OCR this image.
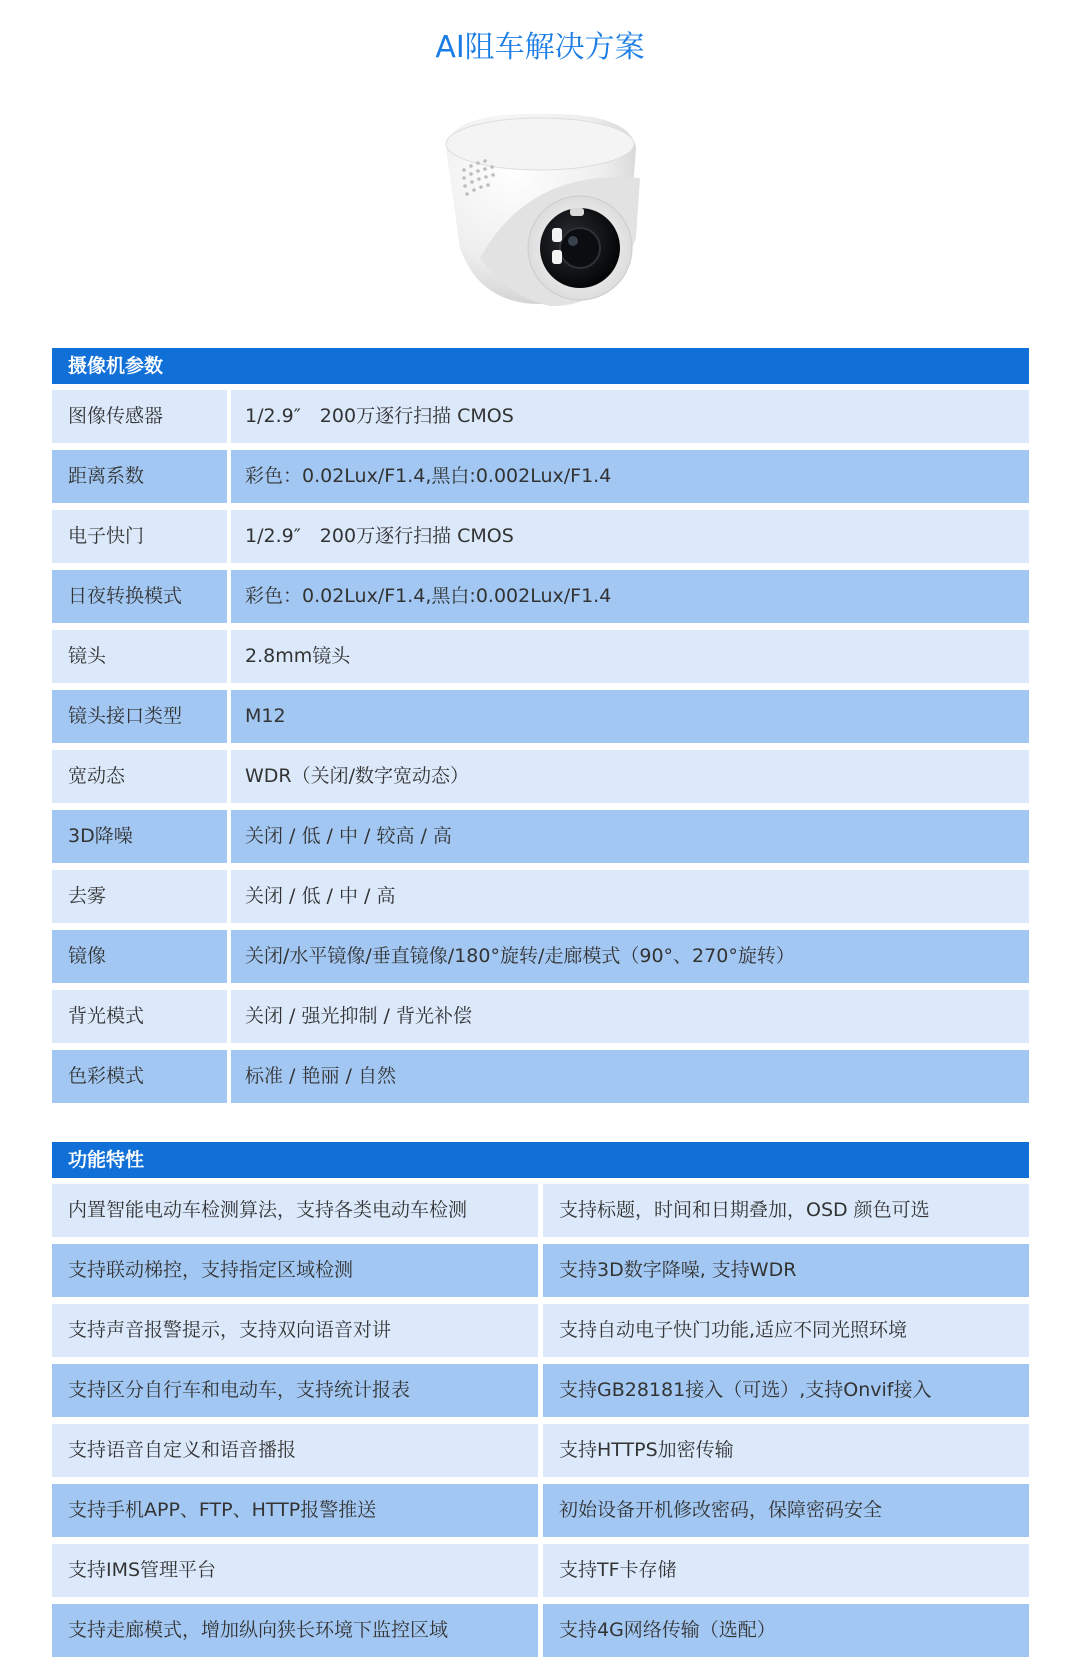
AI阻车解决方案
摄像机参数
图像传感器	1/2.9″　200万逐行扫描 CMOS
距离系数	彩色：0.02Lux/F1.4,黑白:0.002Lux/F1.4
电子快门	1/2.9″　200万逐行扫描 CMOS
日夜转换模式	彩色：0.02Lux/F1.4,黑白:0.002Lux/F1.4
镜头	2.8mm镜头
镜头接口类型	M12
宽动态	WDR（关闭/数字宽动态）
3D降噪	关闭 / 低 / 中 / 较高 / 高
去雾	关闭 / 低 / 中 / 高
镜像	关闭/水平镜像/垂直镜像/180°旋转/走廊模式（90°、270°旋转）
背光模式	关闭 / 强光抑制 / 背光补偿
色彩模式	标准 / 艳丽 / 自然
功能特性
内置智能电动车检测算法，支持各类电动车检测	支持标题，时间和日期叠加，OSD 颜色可选
支持联动梯控，支持指定区域检测	支持3D数字降噪, 支持WDR
支持声音报警提示，支持双向语音对讲	支持自动电子快门功能,适应不同光照环境
支持区分自行车和电动车，支持统计报表	支持GB28181接入（可选）,支持Onvif接入
支持语音自定义和语音播报	支持HTTPS加密传输
支持手机APP、FTP、HTTP报警推送	初始设备开机修改密码，保障密码安全
支持IMS管理平台	支持TF卡存储
支持走廊模式，增加纵向狭长环境下监控区域	支持4G网络传输（选配）
